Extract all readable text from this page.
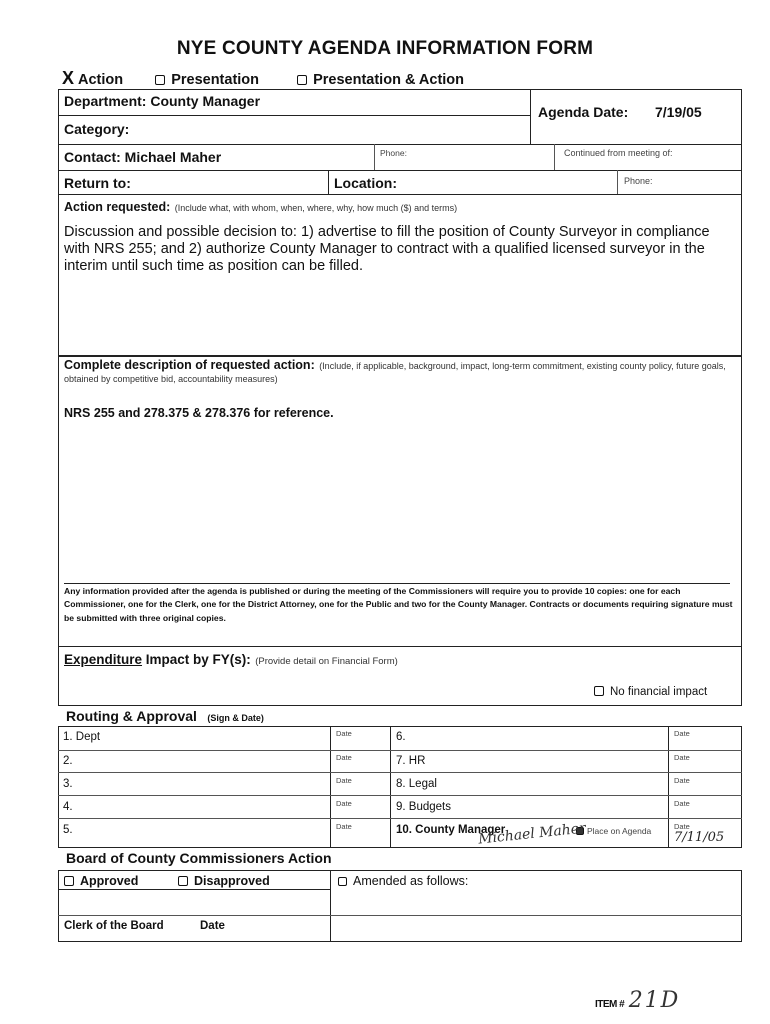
NYE COUNTY AGENDA INFORMATION FORM
X Action	Presentation	Presentation & Action
Department: County Manager
Agenda Date: 7/19/05
Category:
Contact: Michael Maher	Phone:	Continued from meeting of:
Return to:	Location:	Phone:
Action requested: (Include what, with whom, when, where, why, how much ($) and terms)
Discussion and possible decision to: 1) advertise to fill the position of County Surveyor in compliance with NRS 255; and 2) authorize County Manager to contract with a qualified licensed surveyor in the interim until such time as position can be filled.
Complete description of requested action: (Include, if applicable, background, impact, long-term commitment, existing county policy, future goals, obtained by competitive bid, accountability measures)
NRS 255 and 278.375 & 278.376 for reference.
Any information provided after the agenda is published or during the meeting of the Commissioners will require you to provide 10 copies: one for each Commissioner, one for the Clerk, one for the District Attorney, one for the Public and two for the County Manager. Contracts or documents requiring signature must be submitted with three original copies.
Expenditure Impact by FY(s): (Provide detail on Financial Form)
No financial impact
Routing & Approval (Sign & Date)
1. Dept	Date	6.	Date
2.	Date	7. HR	Date
3.	Date	8. Legal	Date
4.	Date	9. Budgets	Date
5.	Date	10. County Manager	Date
Place on Agenda
Michael Maher	7/11/05
Board of County Commissioners Action
Approved	Disapproved	Amended as follows:
Clerk of the Board	Date
ITEM # 21D
